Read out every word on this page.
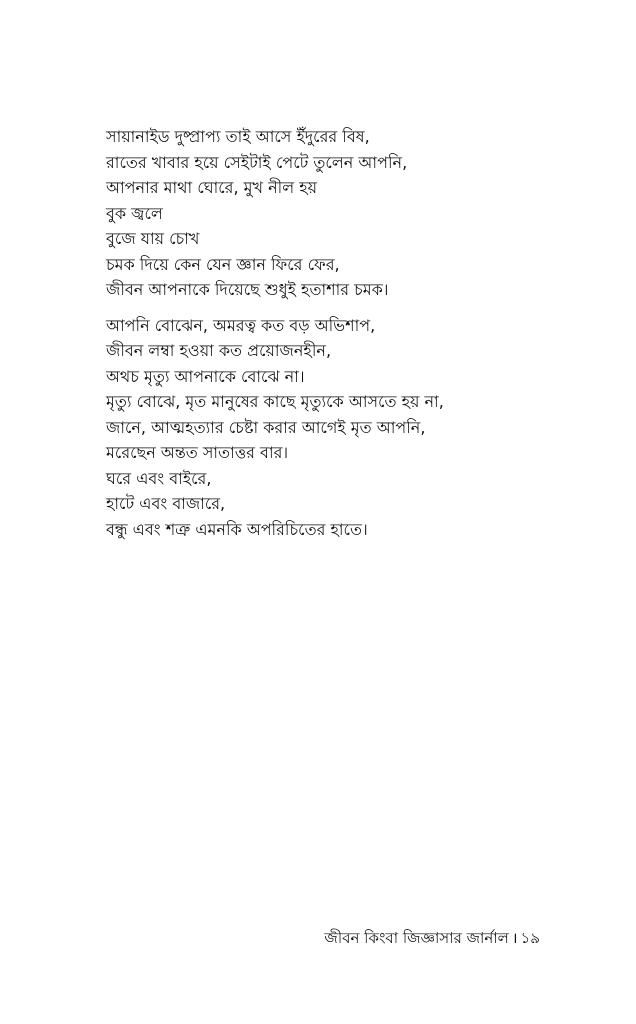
সায়ানাইড দুষ্প্রাপ্য তাই আসে ইঁদুরের বিষ,
রাতের খাবার হয়ে সেইটাই পেটে তুলেন আপনি,
আপনার মাথা ঘোরে, মুখ নীল হয়
বুক জ্বলে
বুজে যায় চোখ
চমক দিয়ে কেন যেন জ্ঞান ফিরে ফের,
জীবন আপনাকে দিয়েছে শুধুই হতাশার চমক।
আপনি বোঝেন, অমরত্ব কত বড় অভিশাপ,
জীবন লম্বা হওয়া কত প্রয়োজনহীন,
অথচ মৃত্যু আপনাকে বোঝে না।
মৃত্যু বোঝে, মৃত মানুষের কাছে মৃত্যুকে আসতে হয় না,
জানে, আত্মহত্যার চেষ্টা করার আগেই মৃত আপনি,
মরেছেন অন্তত সাতাত্তর বার।
ঘরে এবং বাইরে,
হাটে এবং বাজারে,
বন্ধু এবং শত্রু এমনকি অপরিচিতের হাতে।
জীবন কিংবা জিজ্ঞাসার জার্নাল । ১৯
